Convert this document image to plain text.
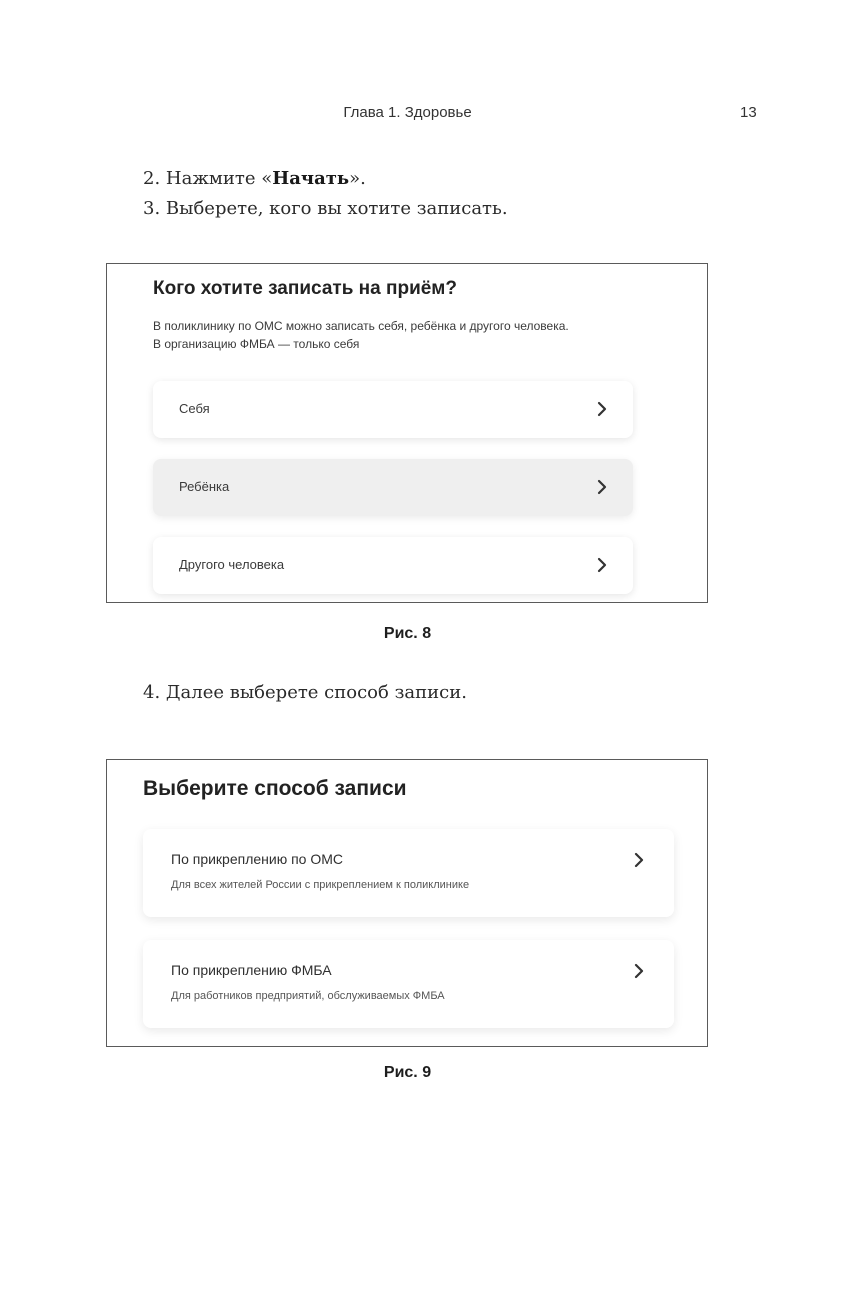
Глава 1. Здоровье	13
2. Нажмите «Начать».
3. Выберете, кого вы хотите записать.
Кого хотите записать на приём?
В поликлинику по ОМС можно записать себя, ребёнка и другого человека.
В организацию ФМБА — только себя
Себя
Ребёнка
Другого человека
Рис. 8
4. Далее выберете способ записи.
Выберите способ записи
По прикреплению по ОМС
Для всех жителей России с прикреплением к поликлинике
По прикреплению ФМБА
Для работников предприятий, обслуживаемых ФМБА
Рис. 9
